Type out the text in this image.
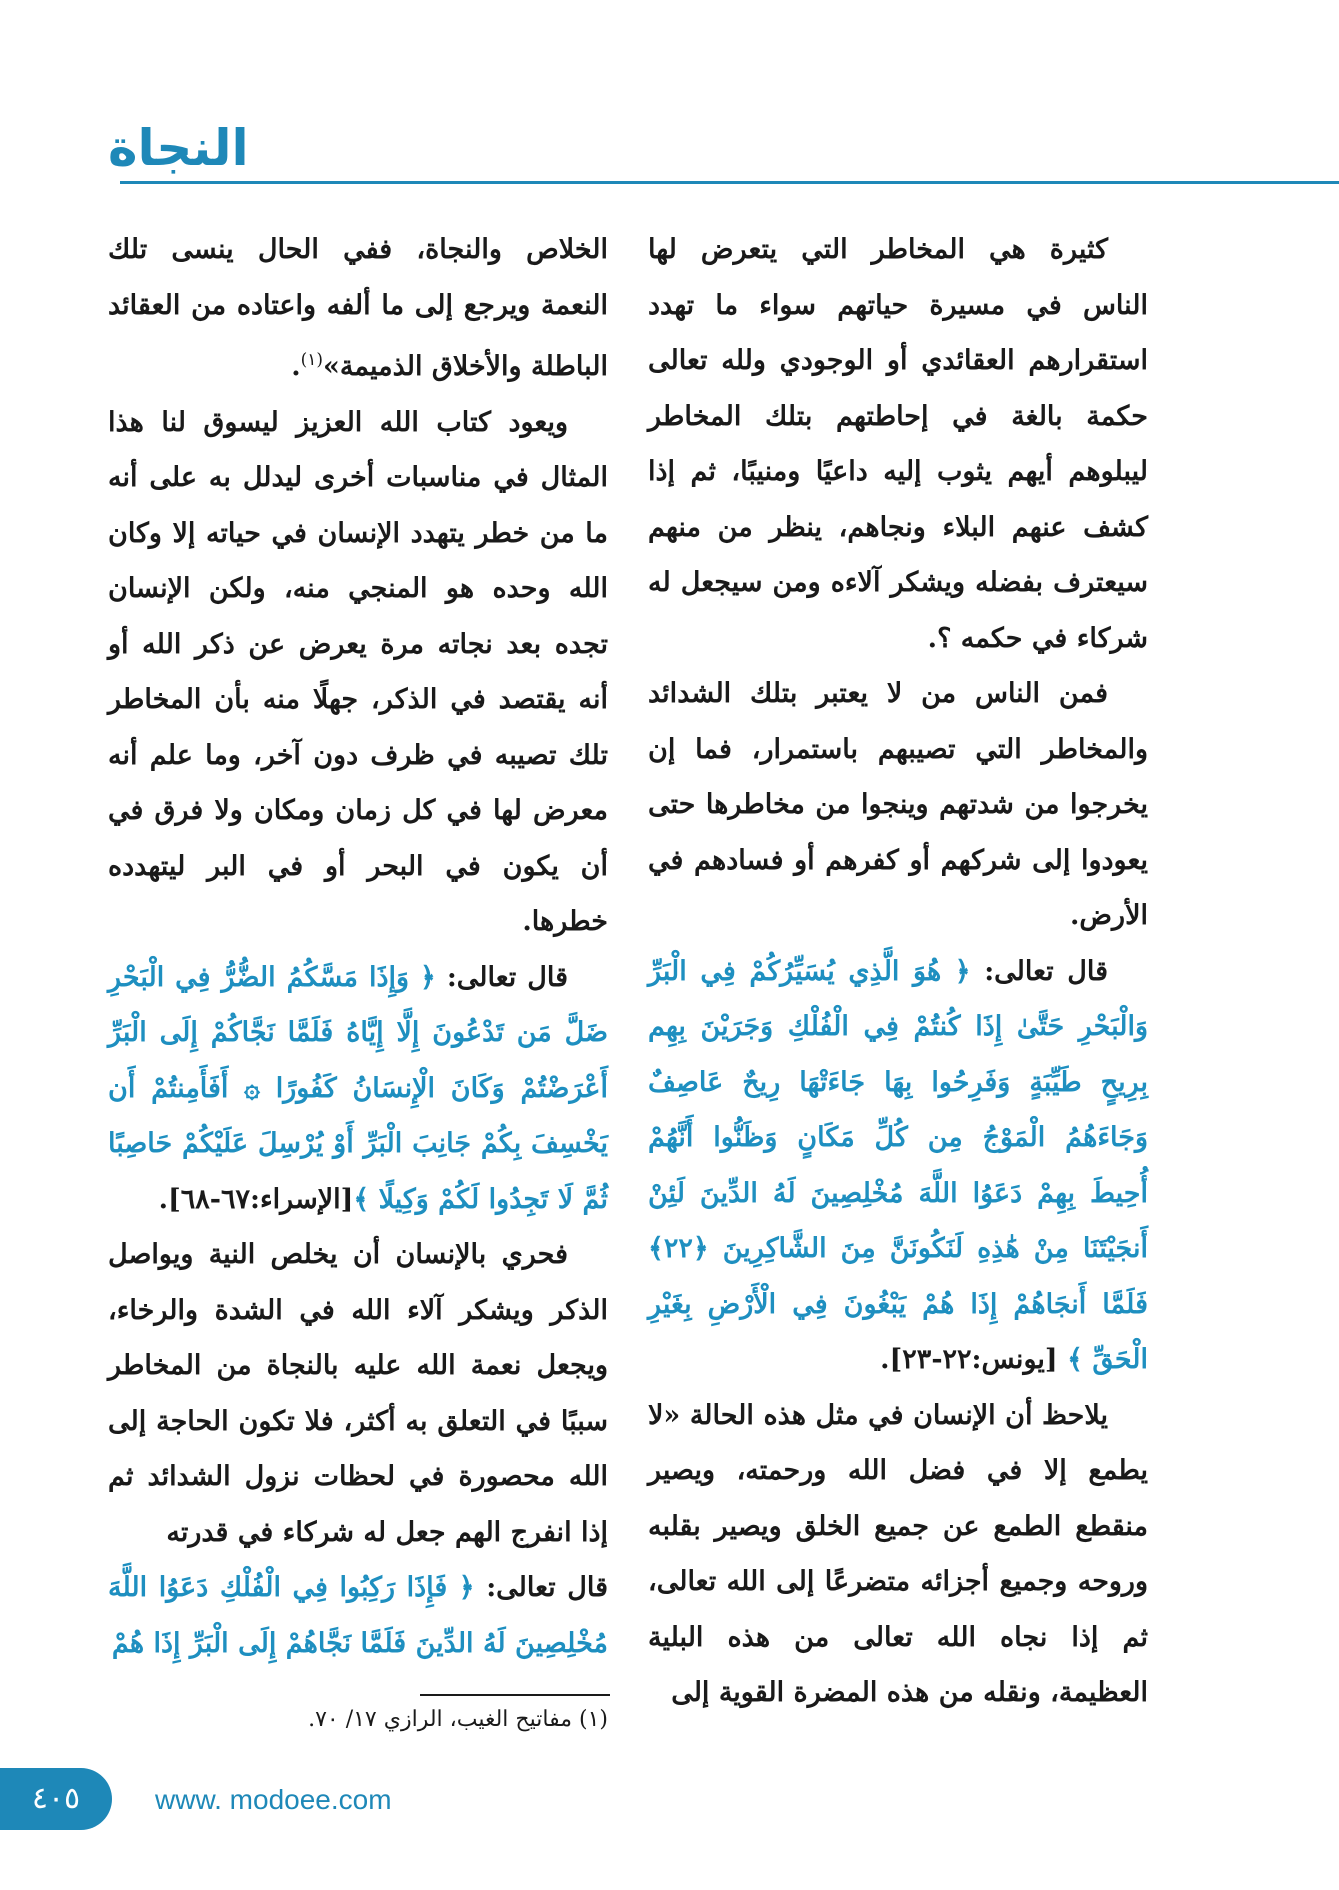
النجاة

كثيرة هي المخاطر التي يتعرض لها الناس في مسيرة حياتهم سواء ما تهدد استقرارهم العقائدي أو الوجودي ولله تعالى حكمة بالغة في إحاطتهم بتلك المخاطر ليبلوهم أيهم يثوب إليه داعيًا ومنيبًا، ثم إذا كشف عنهم البلاء ونجاهم، ينظر من منهم سيعترف بفضله ويشكر آلاءه ومن سيجعل له شركاء في حكمه ؟.

فمن الناس من لا يعتبر بتلك الشدائد والمخاطر التي تصيبهم باستمرار، فما إن يخرجوا من شدتهم وينجوا من مخاطرها حتى يعودوا إلى شركهم أو كفرهم أو فسادهم في الأرض.

قال تعالى: ﴿ هُوَ الَّذِي يُسَيِّرُكُمْ فِي الْبَرِّ وَالْبَحْرِ حَتَّىٰ إِذَا كُنتُمْ فِي الْفُلْكِ وَجَرَيْنَ بِهِم بِرِيحٍ طَيِّبَةٍ وَفَرِحُوا بِهَا جَاءَتْهَا رِيحٌ عَاصِفٌ وَجَاءَهُمُ الْمَوْجُ مِن كُلِّ مَكَانٍ وَظَنُّوا أَنَّهُمْ أُحِيطَ بِهِمْ دَعَوُا اللَّهَ مُخْلِصِينَ لَهُ الدِّينَ لَئِنْ أَنجَيْتَنَا مِنْ هَٰذِهِ لَنَكُونَنَّ مِنَ الشَّاكِرِينَ ﴿٢٢﴾ فَلَمَّا أَنجَاهُمْ إِذَا هُمْ يَبْغُونَ فِي الْأَرْضِ بِغَيْرِ الْحَقِّ ﴾ [يونس:٢٢-٢٣].

يلاحظ أن الإنسان في مثل هذه الحالة «لا يطمع إلا في فضل الله ورحمته، ويصير منقطع الطمع عن جميع الخلق ويصير بقلبه وروحه وجميع أجزائه متضرعًا إلى الله تعالى، ثم إذا نجاه الله تعالى من هذه البلية العظيمة، ونقله من هذه المضرة القوية إلى

الخلاص والنجاة، ففي الحال ينسى تلك النعمة ويرجع إلى ما ألفه واعتاده من العقائد الباطلة والأخلاق الذميمة»$^{(١)}$.

ويعود كتاب الله العزيز ليسوق لنا هذا المثال في مناسبات أخرى ليدلل به على أنه ما من خطر يتهدد الإنسان في حياته إلا وكان الله وحده هو المنجي منه، ولكن الإنسان تجده بعد نجاته مرة يعرض عن ذكر الله أو أنه يقتصد في الذكر، جهلًا منه بأن المخاطر تلك تصيبه في ظرف دون آخر، وما علم أنه معرض لها في كل زمان ومكان ولا فرق في أن يكون في البحر أو في البر ليتهدده خطرها.

قال تعالى: ﴿ وَإِذَا مَسَّكُمُ الضُّرُّ فِي الْبَحْرِ ضَلَّ مَن تَدْعُونَ إِلَّا إِيَّاهُ فَلَمَّا نَجَّاكُمْ إِلَى الْبَرِّ أَعْرَضْتُمْ وَكَانَ الْإِنسَانُ كَفُورًا ۞ أَفَأَمِنتُمْ أَن يَخْسِفَ بِكُمْ جَانِبَ الْبَرِّ أَوْ يُرْسِلَ عَلَيْكُمْ حَاصِبًا ثُمَّ لَا تَجِدُوا لَكُمْ وَكِيلًا ﴾[الإسراء:٦٧-٦٨].

فحري بالإنسان أن يخلص النية ويواصل الذكر ويشكر آلاء الله في الشدة والرخاء، ويجعل نعمة الله عليه بالنجاة من المخاطر سببًا في التعلق به أكثر، فلا تكون الحاجة إلى الله محصورة في لحظات نزول الشدائد ثم إذا انفرج الهم جعل له شركاء في قدرته

قال تعالى: ﴿ فَإِذَا رَكِبُوا فِي الْفُلْكِ دَعَوُا اللَّهَ مُخْلِصِينَ لَهُ الدِّينَ فَلَمَّا نَجَّاهُمْ إِلَى الْبَرِّ إِذَا هُمْ

(١) مفاتيح الغيب، الرازي ١٧/ ٧٠.
٤٠٥	www. modoee.com
